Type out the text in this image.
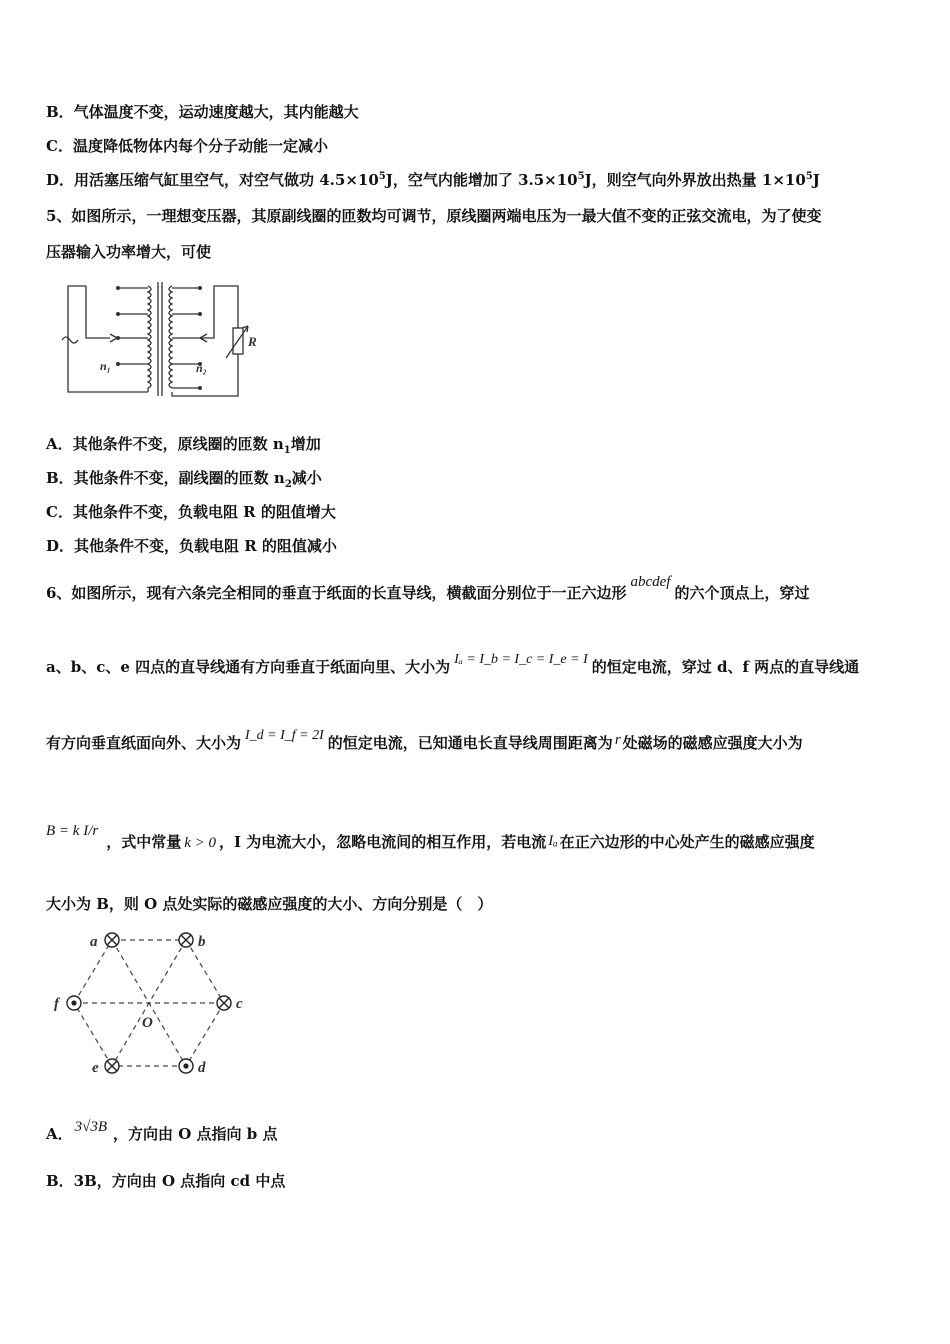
B．气体温度不变，运动速度越大，其内能越大
C．温度降低物体内每个分子动能一定减小
D．用活塞压缩气缸里空气，对空气做功 $4.5\times 10^5J$，空气内能增加了 $3.5\times 10^5J$，则空气向外界放出热量 $1\times 10^5J$
5、如图所示，一理想变压器，其原副线圈的匝数均可调节，原线圈两端电压为一最大值不变的正弦交流电，为了使变
压器输入功率增大，可使
n₁	n₂
R
A．其他条件不变，原线圈的匝数 $n_1$增加
B．其他条件不变，副线圈的匝数 $n_2$减小
C．其他条件不变，负载电阻 R 的阻值增大
D．其他条件不变，负载电阻 R 的阻值减小
6、如图所示，现有六条完全相同的垂直于纸面的长直导线，横截面分别位于一正六边形abcdef的六个顶点上，穿过
a、b、c、e 四点的直导线通有方向垂直于纸面向里、大小为 Iₐ = I_b = I_c = I_e = I 的恒定电流，穿过 d、f 两点的直导线通
有方向垂直纸面向外、大小为 I_d = I_f = 2I 的恒定电流，已知通电长直导线周围距离为 r 处磁场的磁感应强度大小为
B = k I/r，式中常量 k > 0 ，I 为电流大小，忽略电流间的相互作用，若电流 Iₐ 在正六边形的中心处产生的磁感应强度
大小为 B，则 O 点处实际的磁感应强度的大小、方向分别是（　）
a	b
c
d
e
f
O
A． 3√3B ，方向由 O 点指向 b 点
B．3B，方向由 O 点指向 cd 中点
